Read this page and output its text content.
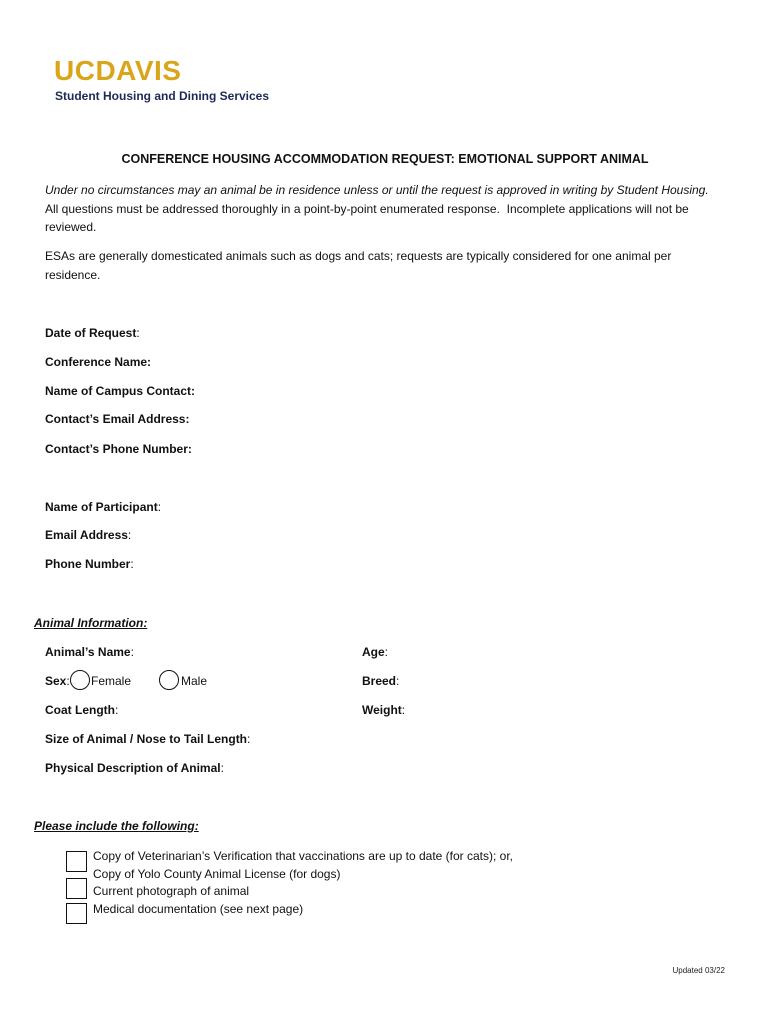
UCDAVIS
Student Housing and Dining Services
CONFERENCE HOUSING ACCOMMODATION REQUEST: EMOTIONAL SUPPORT ANIMAL
Under no circumstances may an animal be in residence unless or until the request is approved in writing by Student Housing.  All questions must be addressed thoroughly in a point-by-point enumerated response.  Incomplete applications will not be reviewed.
ESAs are generally domesticated animals such as dogs and cats; requests are typically considered for one animal per residence.
Date of Request:
Conference Name:
Name of Campus Contact:
Contact’s Email Address:
Contact’s Phone Number:
Name of Participant:
Email Address:
Phone Number:
Animal Information:
Animal’s Name:	Age:
Sex: Female	Male	Breed:
Coat Length:	Weight:
Size of Animal / Nose to Tail Length:
Physical Description of Animal:
Please include the following:
Copy of Veterinarian’s Verification that vaccinations are up to date (for cats); or,
Copy of Yolo County Animal License (for dogs)
Current photograph of animal
Medical documentation (see next page)
Updated 03/22
